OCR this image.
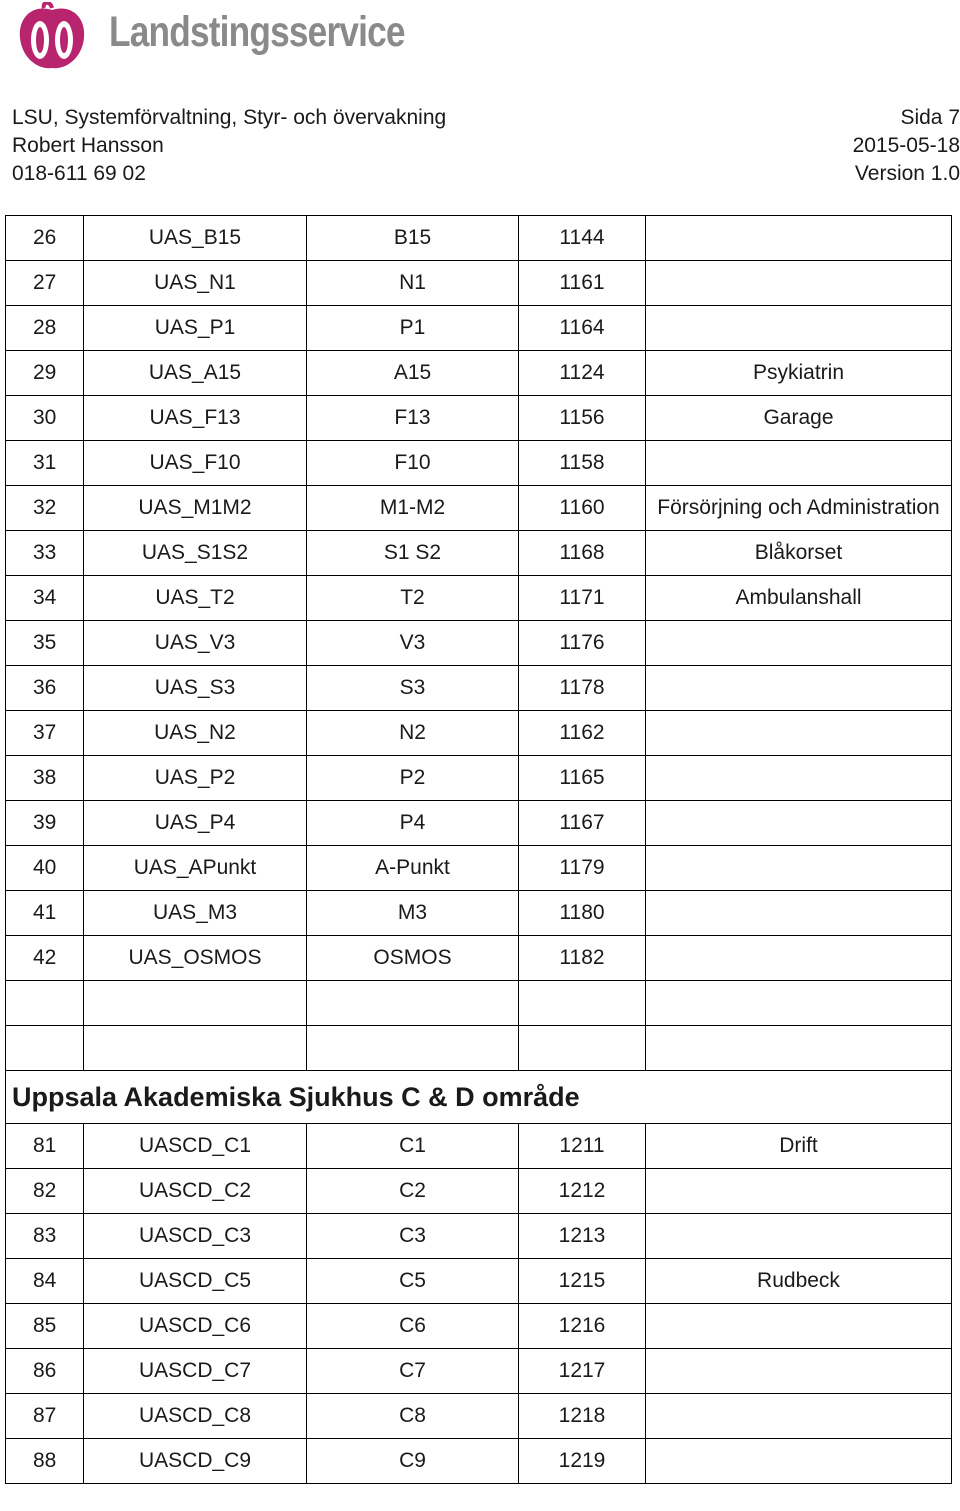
Landstingsservice
LSU, Systemförvaltning, Styr- och övervakning	Sida 7
Robert Hansson	2015-05-18
018-611 69 02	Version 1.0
26	UAS_B15	B15	1144	
27	UAS_N1	N1	1161	
28	UAS_P1	P1	1164	
29	UAS_A15	A15	1124	Psykiatrin
30	UAS_F13	F13	1156	Garage
31	UAS_F10	F10	1158	
32	UAS_M1M2	M1-M2	1160	Försörjning och Administration
33	UAS_S1S2	S1 S2	1168	Blåkorset
34	UAS_T2	T2	1171	Ambulanshall
35	UAS_V3	V3	1176	
36	UAS_S3	S3	1178	
37	UAS_N2	N2	1162	
38	UAS_P2	P2	1165	
39	UAS_P4	P4	1167	
40	UAS_APunkt	A-Punkt	1179	
41	UAS_M3	M3	1180	
42	UAS_OSMOS	OSMOS	1182	

Uppsala Akademiska Sjukhus C & D område				
81	UASCD_C1	C1	1211	Drift
82	UASCD_C2	C2	1212	
83	UASCD_C3	C3	1213	
84	UASCD_C5	C5	1215	Rudbeck
85	UASCD_C6	C6	1216	
86	UASCD_C7	C7	1217	
87	UASCD_C8	C8	1218	
88	UASCD_C9	C9	1219	
